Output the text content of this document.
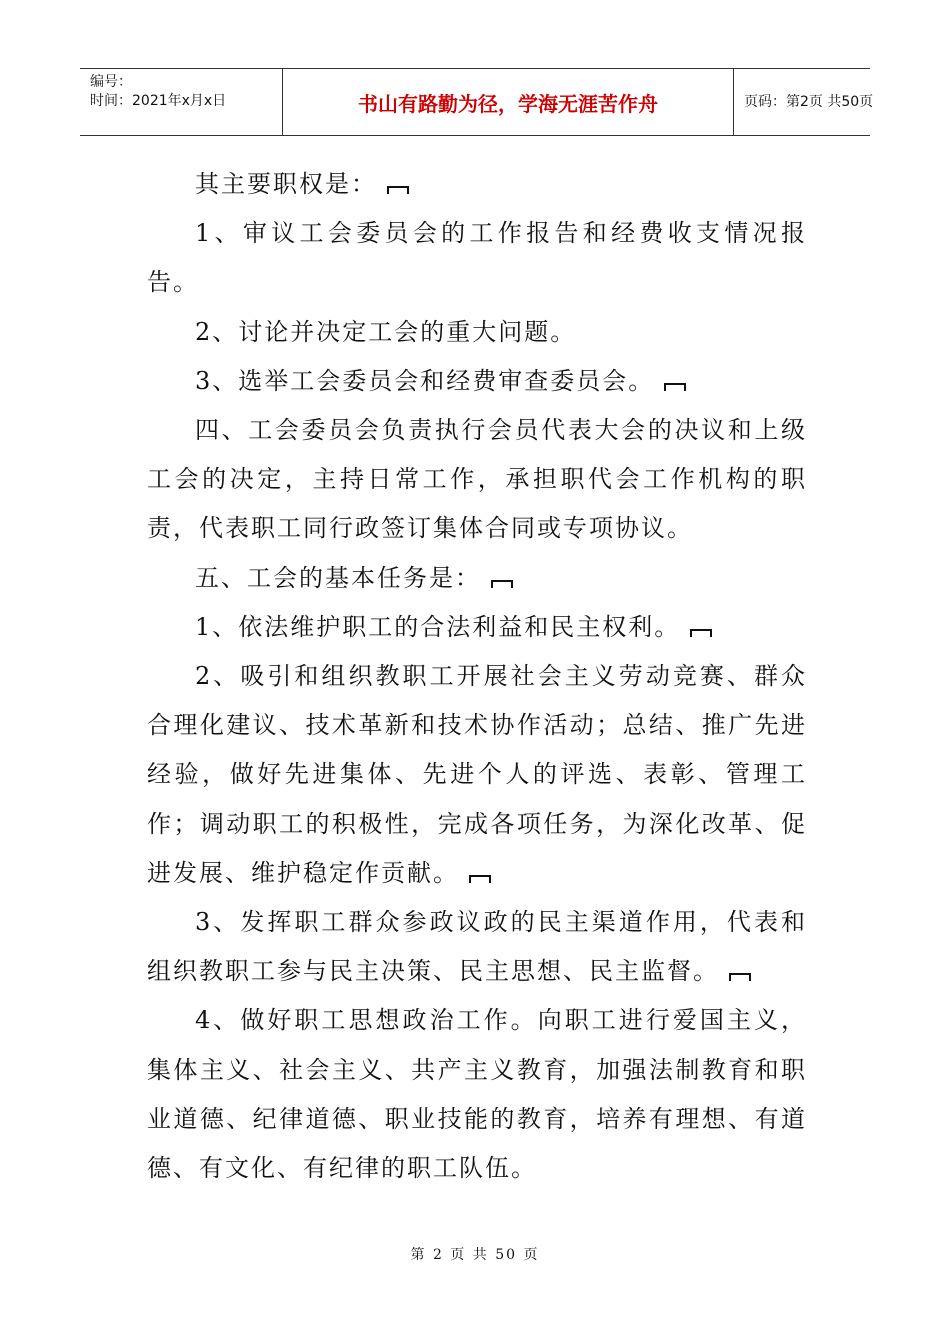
编号：
时间：2021年x月x日	书山有路勤为径，学海无涯苦作舟	页码：第2页 共50页

其主要职权是：

1、审议工会委员会的工作报告和经费收支情况报告。

2、讨论并决定工会的重大问题。

3、选举工会委员会和经费审查委员会。

四、工会委员会负责执行会员代表大会的决议和上级工会的决定，主持日常工作，承担职代会工作机构的职责，代表职工同行政签订集体合同或专项协议。

五、工会的基本任务是：

1、依法维护职工的合法利益和民主权利。

2、吸引和组织教职工开展社会主义劳动竞赛、群众合理化建议、技术革新和技术协作活动；总结、推广先进经验，做好先进集体、先进个人的评选、表彰、管理工作；调动职工的积极性，完成各项任务，为深化改革、促进发展、维护稳定作贡献。

3、发挥职工群众参政议政的民主渠道作用，代表和组织教职工参与民主决策、民主思想、民主监督。

4、做好职工思想政治工作。向职工进行爱国主义，集体主义、社会主义、共产主义教育，加强法制教育和职业道德、纪律道德、职业技能的教育，培养有理想、有道德、有文化、有纪律的职工队伍。

第 2 页 共 50 页
